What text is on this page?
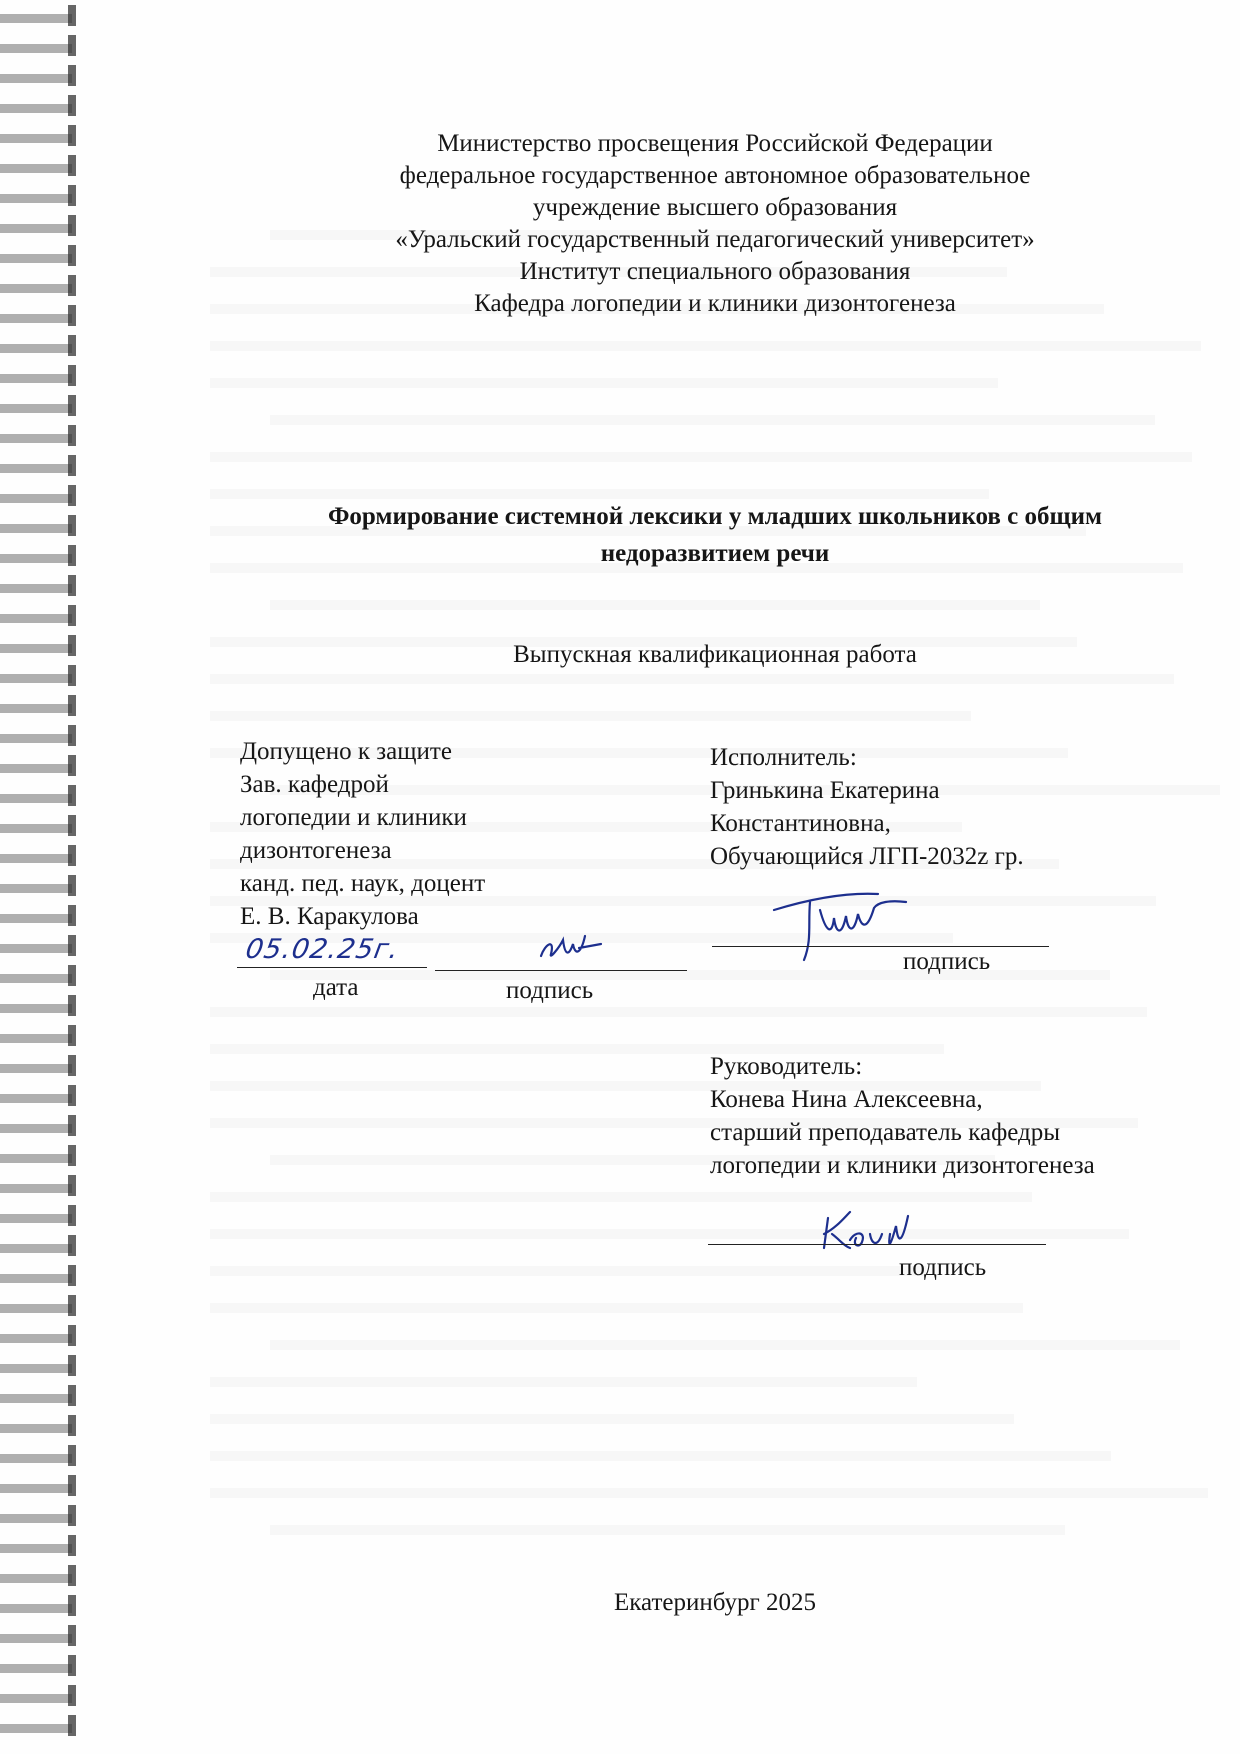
Министерство просвещения Российской Федерации
федеральное государственное автономное образовательное
учреждение высшего образования
«Уральский государственный педагогический университет»
Институт специального образования
Кафедра логопедии и клиники дизонтогенеза
Формирование системной лексики у младших школьников с общим
недоразвитием речи
Выпускная квалификационная работа
Допущено к защите
Зав. кафедрой
логопедии и клиники
дизонтогенеза
канд. пед. наук, доцент
Е. В. Каракулова
05.02.25г.
дата	подпись
Исполнитель:
Гринькина Екатерина
Константиновна,
Обучающийся ЛГП-2032z гр.
подпись
Руководитель:
Конева Нина Алексеевна,
старший преподаватель кафедры
логопедии и клиники дизонтогенеза
подпись
Екатеринбург 2025
